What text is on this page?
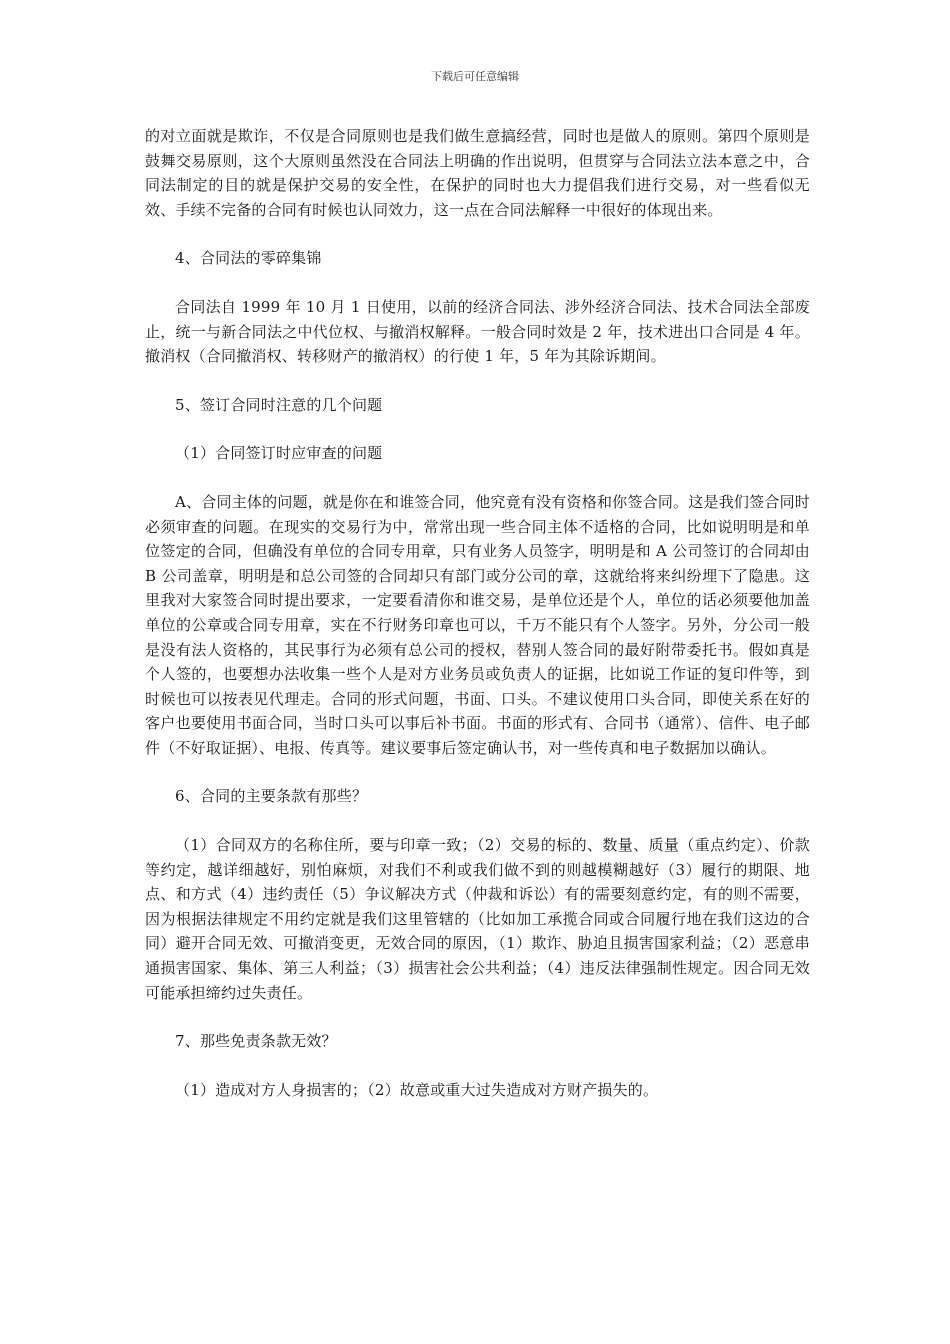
下载后可任意编辑

的对立面就是欺诈，不仅是合同原则也是我们做生意搞经营，同时也是做人的原则。第四个原则是鼓舞交易原则，这个大原则虽然没在合同法上明确的作出说明，但贯穿与合同法立法本意之中，合同法制定的目的就是保护交易的安全性，在保护的同时也大力提倡我们进行交易，对一些看似无效、手续不完备的合同有时候也认同效力，这一点在合同法解释一中很好的体现出来。

4、合同法的零碎集锦

合同法自 1999 年 10 月 1 日使用，以前的经济合同法、涉外经济合同法、技术合同法全部废止，统一与新合同法之中代位权、与撤消权解释。一般合同时效是 2 年，技术进出口合同是 4 年。撤消权（合同撤消权、转移财产的撤消权）的行使 1 年，5 年为其除诉期间。

5、签订合同时注意的几个问题

（1）合同签订时应审查的问题

A、合同主体的问题，就是你在和谁签合同，他究竟有没有资格和你签合同。这是我们签合同时必须审查的问题。在现实的交易行为中，常常出现一些合同主体不适格的合同，比如说明明是和单位签定的合同，但确没有单位的合同专用章，只有业务人员签字，明明是和 A 公司签订的合同却由 B 公司盖章，明明是和总公司签的合同却只有部门或分公司的章，这就给将来纠纷埋下了隐患。这里我对大家签合同时提出要求，一定要看清你和谁交易，是单位还是个人，单位的话必须要他加盖单位的公章或合同专用章，实在不行财务印章也可以，千万不能只有个人签字。另外，分公司一般是没有法人资格的，其民事行为必须有总公司的授权，替别人签合同的最好附带委托书。假如真是个人签的，也要想办法收集一些个人是对方业务员或负责人的证据，比如说工作证的复印件等，到时候也可以按表见代理走。合同的形式问题，书面、口头。不建议使用口头合同，即使关系在好的客户也要使用书面合同，当时口头可以事后补书面。书面的形式有、合同书（通常）、信件、电子邮件（不好取证据）、电报、传真等。建议要事后签定确认书，对一些传真和电子数据加以确认。

6、合同的主要条款有那些？

（1）合同双方的名称住所，要与印章一致；（2）交易的标的、数量、质量（重点约定）、价款等约定，越详细越好，别怕麻烦，对我们不利或我们做不到的则越模糊越好（3）履行的期限、地点、和方式（4）违约责任（5）争议解决方式（仲裁和诉讼）有的需要刻意约定，有的则不需要，因为根据法律规定不用约定就是我们这里管辖的（比如加工承揽合同或合同履行地在我们这边的合同）避开合同无效、可撤消变更，无效合同的原因，（1）欺诈、胁迫且损害国家利益；（2）恶意串通损害国家、集体、第三人利益；（3）损害社会公共利益；（4）违反法律强制性规定。因合同无效可能承担缔约过失责任。

7、那些免责条款无效？

（1）造成对方人身损害的；（2）故意或重大过失造成对方财产损失的。
